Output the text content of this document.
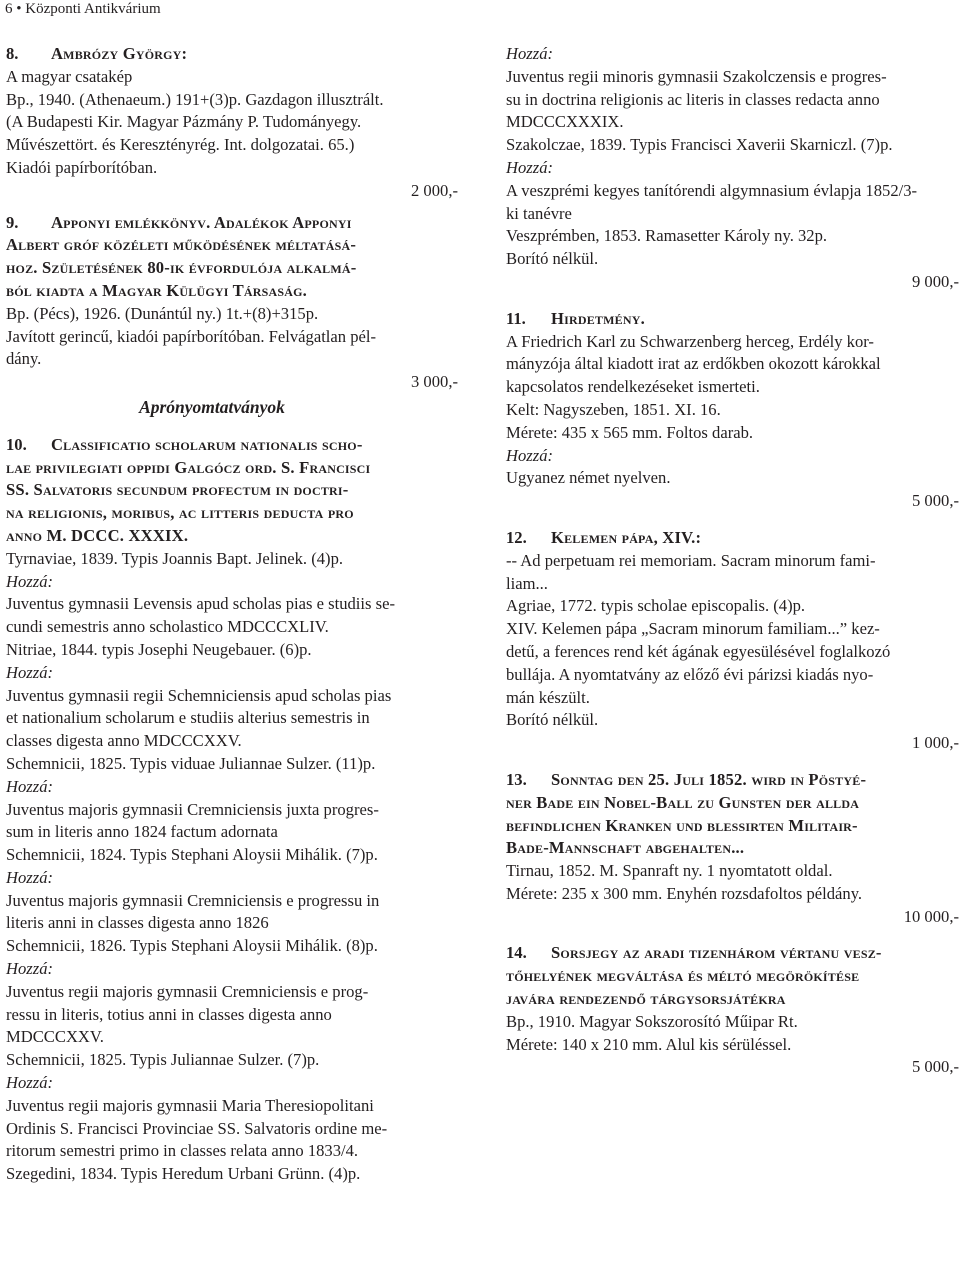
6 • Központi Antikvárium
8. Ambrózy György:
A magyar csatakép
Bp., 1940. (Athenaeum.) 191+(3)p. Gazdagon illusztrált.
(A Budapesti Kir. Magyar Pázmány P. Tudományegy.
Művészettört. és Keresztényrég. Int. dolgozatai. 65.)
Kiadói papírborítóban.
2 000,-
9. Apponyi emlékkönyv. Adalékok Apponyi
Albert gróf közéleti működésének méltatásá-
hoz. Születésének 80-ik évfordulója alkalmá-
ból kiadta a Magyar Külügyi Társaság.
Bp. (Pécs), 1926. (Dunántúl ny.) 1t.+(8)+315p.
Javított gerincű, kiadói papírborítóban. Felvágatlan pél-
dány.
3 000,-
Aprónyomtatványok
10. Classificatio scholarum nationalis scho-
lae privilegiati oppidi Galgócz ord. S. Francisci
SS. Salvatoris secundum profectum in doctri-
na religionis, moribus, ac litteris deducta pro
anno M. DCCC. XXXIX.
Tyrnaviae, 1839. Typis Joannis Bapt. Jelinek. (4)p.
Hozzá:
Juventus gymnasii Levensis apud scholas pias e studiis se-
cundi semestris anno scholastico MDCCCXLIV.
Nitriae, 1844. typis Josephi Neugebauer. (6)p.
Hozzá:
Juventus gymnasii regii Schemniciensis apud scholas pias
et nationalium scholarum e studiis alterius semestris in
classes digesta anno MDCCCXXV.
Schemnicii, 1825. Typis viduae Juliannae Sulzer. (11)p.
Hozzá:
Juventus majoris gymnasii Cremniciensis juxta progres-
sum in literis anno 1824 factum adornata
Schemnicii, 1824. Typis Stephani Aloysii Mihálik. (7)p.
Hozzá:
Juventus majoris gymnasii Cremniciensis e progressu in
literis anni in classes digesta anno 1826
Schemnicii, 1826. Typis Stephani Aloysii Mihálik. (8)p.
Hozzá:
Juventus regii majoris gymnasii Cremniciensis e prog-
ressu in literis, totius anni in classes digesta anno
MDCCCXXV.
Schemnicii, 1825. Typis Juliannae Sulzer. (7)p.
Hozzá:
Juventus regii majoris gymnasii Maria Theresiopolitani
Ordinis S. Francisci Provinciae SS. Salvatoris ordine me-
ritorum semestri primo in classes relata anno 1833/4.
Szegedini, 1834. Typis Heredum Urbani Grünn. (4)p.
Hozzá:
Juventus regii minoris gymnasii Szakolczensis e progres-
su in doctrina religionis ac literis in classes redacta anno
MDCCCXXXIX.
Szakolczae, 1839. Typis Francisci Xaverii Skarniczl. (7)p.
Hozzá:
A veszprémi kegyes tanítórendi algymnasium évlapja 1852/3-
ki tanévre
Veszprémben, 1853. Ramasetter Károly ny. 32p.
Borító nélkül.
9 000,-
11. Hirdetmény.
A Friedrich Karl zu Schwarzenberg herceg, Erdély kor-
mányzója által kiadott irat az erdőkben okozott károkkal
kapcsolatos rendelkezéseket ismerteti.
Kelt: Nagyszeben, 1851. XI. 16.
Mérete: 435 x 565 mm. Foltos darab.
Hozzá:
Ugyanez német nyelven.
5 000,-
12. Kelemen pápa, XIV.:
-- Ad perpetuam rei memoriam. Sacram minorum fami-
liam...
Agriae, 1772. typis scholae episcopalis. (4)p.
XIV. Kelemen pápa „Sacram minorum familiam...” kez-
detű, a ferences rend két ágának egyesülésével foglalkozó
bullája. A nyomtatvány az előző évi párizsi kiadás nyo-
mán készült.
Borító nélkül.
1 000,-
13. Sonntag den 25. Juli 1852. wird in Pöstyé-
ner Bade ein Nobel-Ball zu Gunsten der allda
befindlichen Kranken und blessirten Militair-
Bade-Mannschaft abgehalten...
Tirnau, 1852. M. Spanraft ny. 1 nyomtatott oldal.
Mérete: 235 x 300 mm. Enyhén rozsdafoltos példány.
10 000,-
14. Sorsjegy az aradi tizenhárom vértanu vesz-
tőhelyének megváltása és méltó megörökítése
javára rendezendő tárgysorsjátékra
Bp., 1910. Magyar Sokszorosító Műipar Rt.
Mérete: 140 x 210 mm. Alul kis sérüléssel.
5 000,-
